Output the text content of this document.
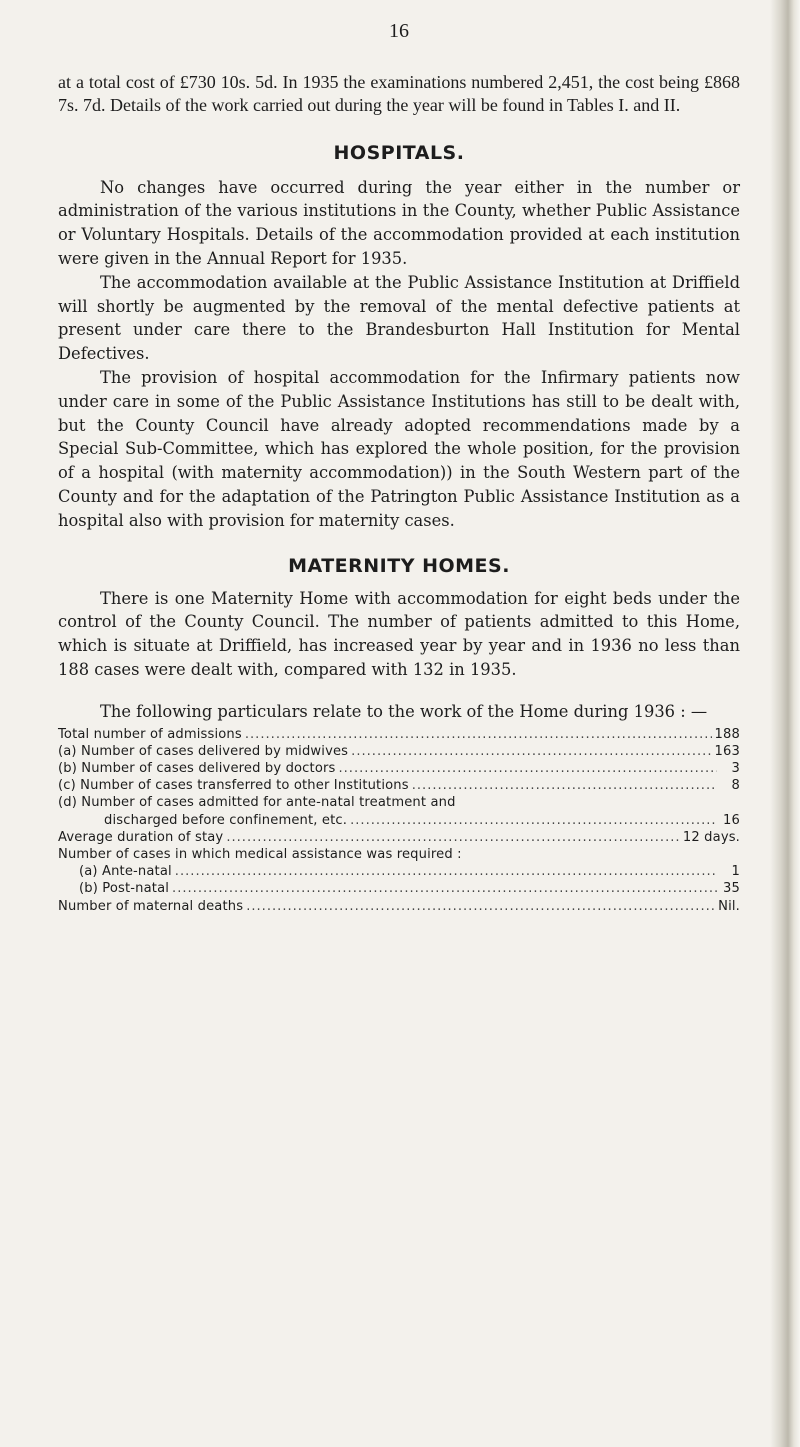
16

at a total cost of £730 10s. 5d. In 1935 the examinations numbered 2,451, the cost being £868 7s. 7d. Details of the work carried out during the year will be found in Tables I. and II.

HOSPITALS.

No changes have occurred during the year either in the number or administration of the various institutions in the County, whether Public Assistance or Voluntary Hospitals. Details of the accommodation provided at each institution were given in the Annual Report for 1935.

The accommodation available at the Public Assistance Institution at Driffield will shortly be augmented by the removal of the mental defective patients at present under care there to the Brandesburton Hall Institution for Mental Defectives.

The provision of hospital accommodation for the Infirmary patients now under care in some of the Public Assistance Institutions has still to be dealt with, but the County Council have already adopted recommendations made by a Special Sub-Committee, which has explored the whole position, for the provision of a hospital (with maternity accommodation)) in the South Western part of the County and for the adaptation of the Patrington Public Assistance Institution as a hospital also with provision for maternity cases.

MATERNITY HOMES.

There is one Maternity Home with accommodation for eight beds under the control of the County Council. The number of patients admitted to this Home, which is situate at Driffield, has increased year by year and in 1936 no less than 188 cases were dealt with, compared with 132 in 1935.

The following particulars relate to the work of the Home during 1936 : —

Total number of admissions .....	188
(a) Number of cases delivered by midwives .....	163
(b) Number of cases delivered by doctors .....	3
(c) Number of cases transferred to other Institutions .....	8
(d) Number of cases admitted for ante-natal treatment and
discharged before confinement, etc. .....	16
Average duration of stay .....	12 days.
Number of cases in which medical assistance was required :
(a) Ante-natal .....	1
(b) Post-natal .....	35
Number of maternal deaths .....	Nil.
